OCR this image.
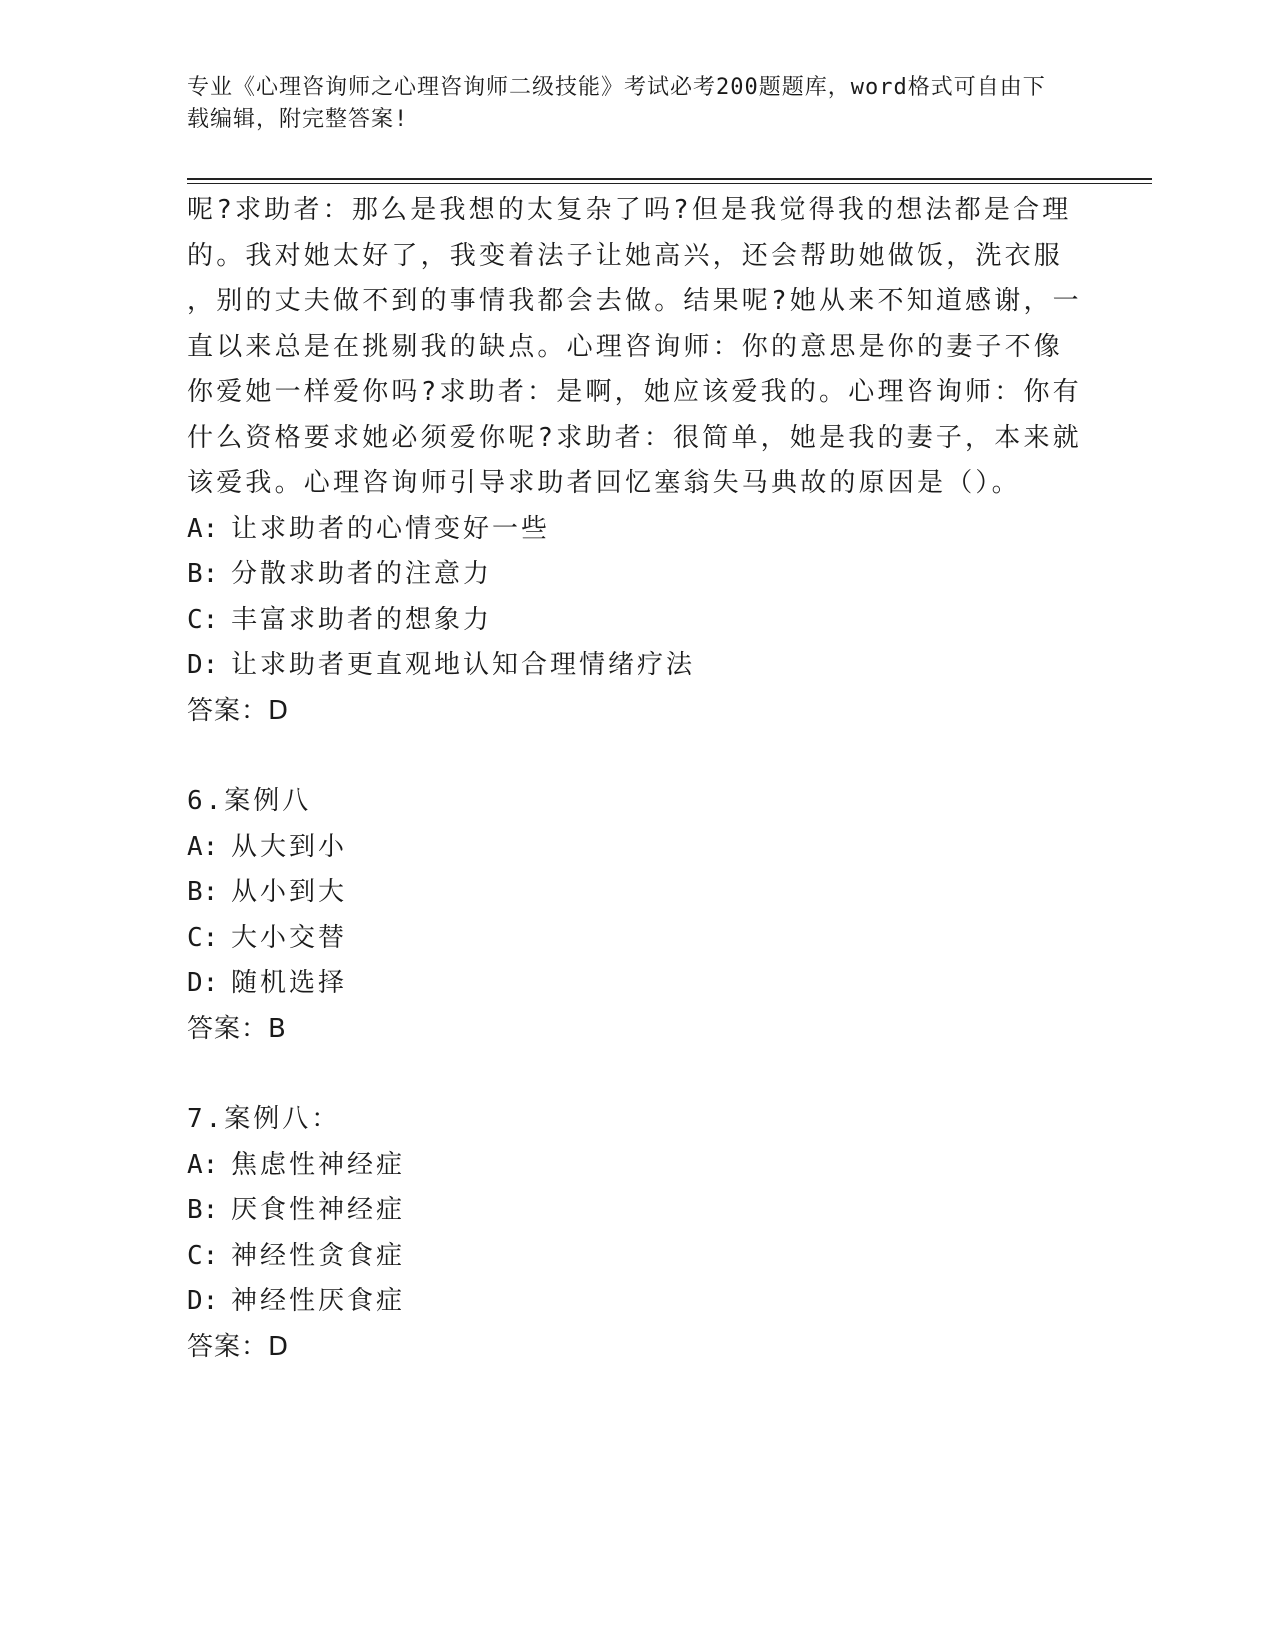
专业《心理咨询师之心理咨询师二级技能》考试必考200题题库，word格式可自由下载编辑，附完整答案!

呢?求助者：那么是我想的太复杂了吗?但是我觉得我的想法都是合理

的。我对她太好了，我变着法子让她高兴，还会帮助她做饭，洗衣服

，别的丈夫做不到的事情我都会去做。结果呢?她从来不知道感谢，一

直以来总是在挑剔我的缺点。心理咨询师：你的意思是你的妻子不像

你爱她一样爱你吗?求助者：是啊，她应该爱我的。心理咨询师：你有

什么资格要求她必须爱你呢?求助者：很简单，她是我的妻子，本来就

该爱我。心理咨询师引导求助者回忆塞翁失马典故的原因是（）。

A: 让求助者的心情变好一些

B: 分散求助者的注意力

C: 丰富求助者的想象力

D: 让求助者更直观地认知合理情绪疗法

答案：D

6.案例八

A: 从大到小

B: 从小到大

C: 大小交替

D: 随机选择

答案：B

7.案例八：

A: 焦虑性神经症

B: 厌食性神经症

C: 神经性贪食症

D: 神经性厌食症

答案：D
